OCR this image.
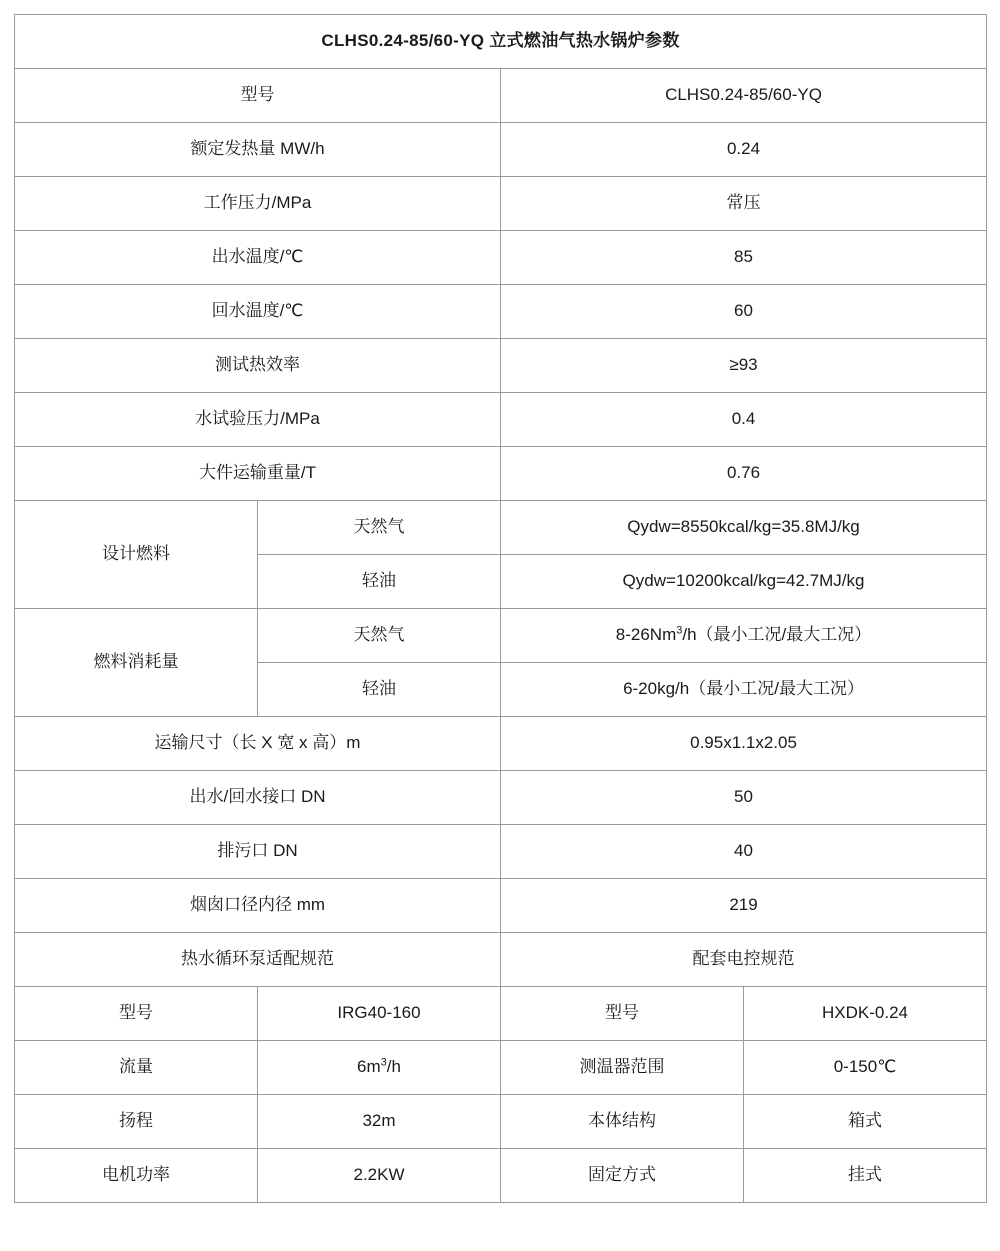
CLHS0.24-85/60-YQ 立式燃油气热水锅炉参数			
型号		CLHS0.24-85/60-YQ	
额定发热量 MW/h		0.24	
工作压力/MPa		常压	
出水温度/℃		85	
回水温度/℃		60	
测试热效率		≥93	
水试验压力/MPa		0.4	
大件运输重量/T		0.76	
设计燃料	天然气	Qydw=8550kcal/kg=35.8MJ/kg	
	轻油	Qydw=10200kcal/kg=42.7MJ/kg	
燃料消耗量	天然气	8-26Nm$^3$/h（最小工况/最大工况）	
	轻油	6-20kg/h（最小工况/最大工况）	
运输尺寸（长 X 宽 x 高）m		0.95x1.1x2.05	
出水/回水接口 DN		50	
排污口 DN		40	
烟囱口径内径 mm		219	
热水循环泵适配规范		配套电控规范	
型号	IRG40-160	型号	HXDK-0.24
流量	$6m^3/h$	测温器范围	0-150℃
扬程	32m	本体结构	箱式
电机功率	2.2KW	固定方式	挂式
